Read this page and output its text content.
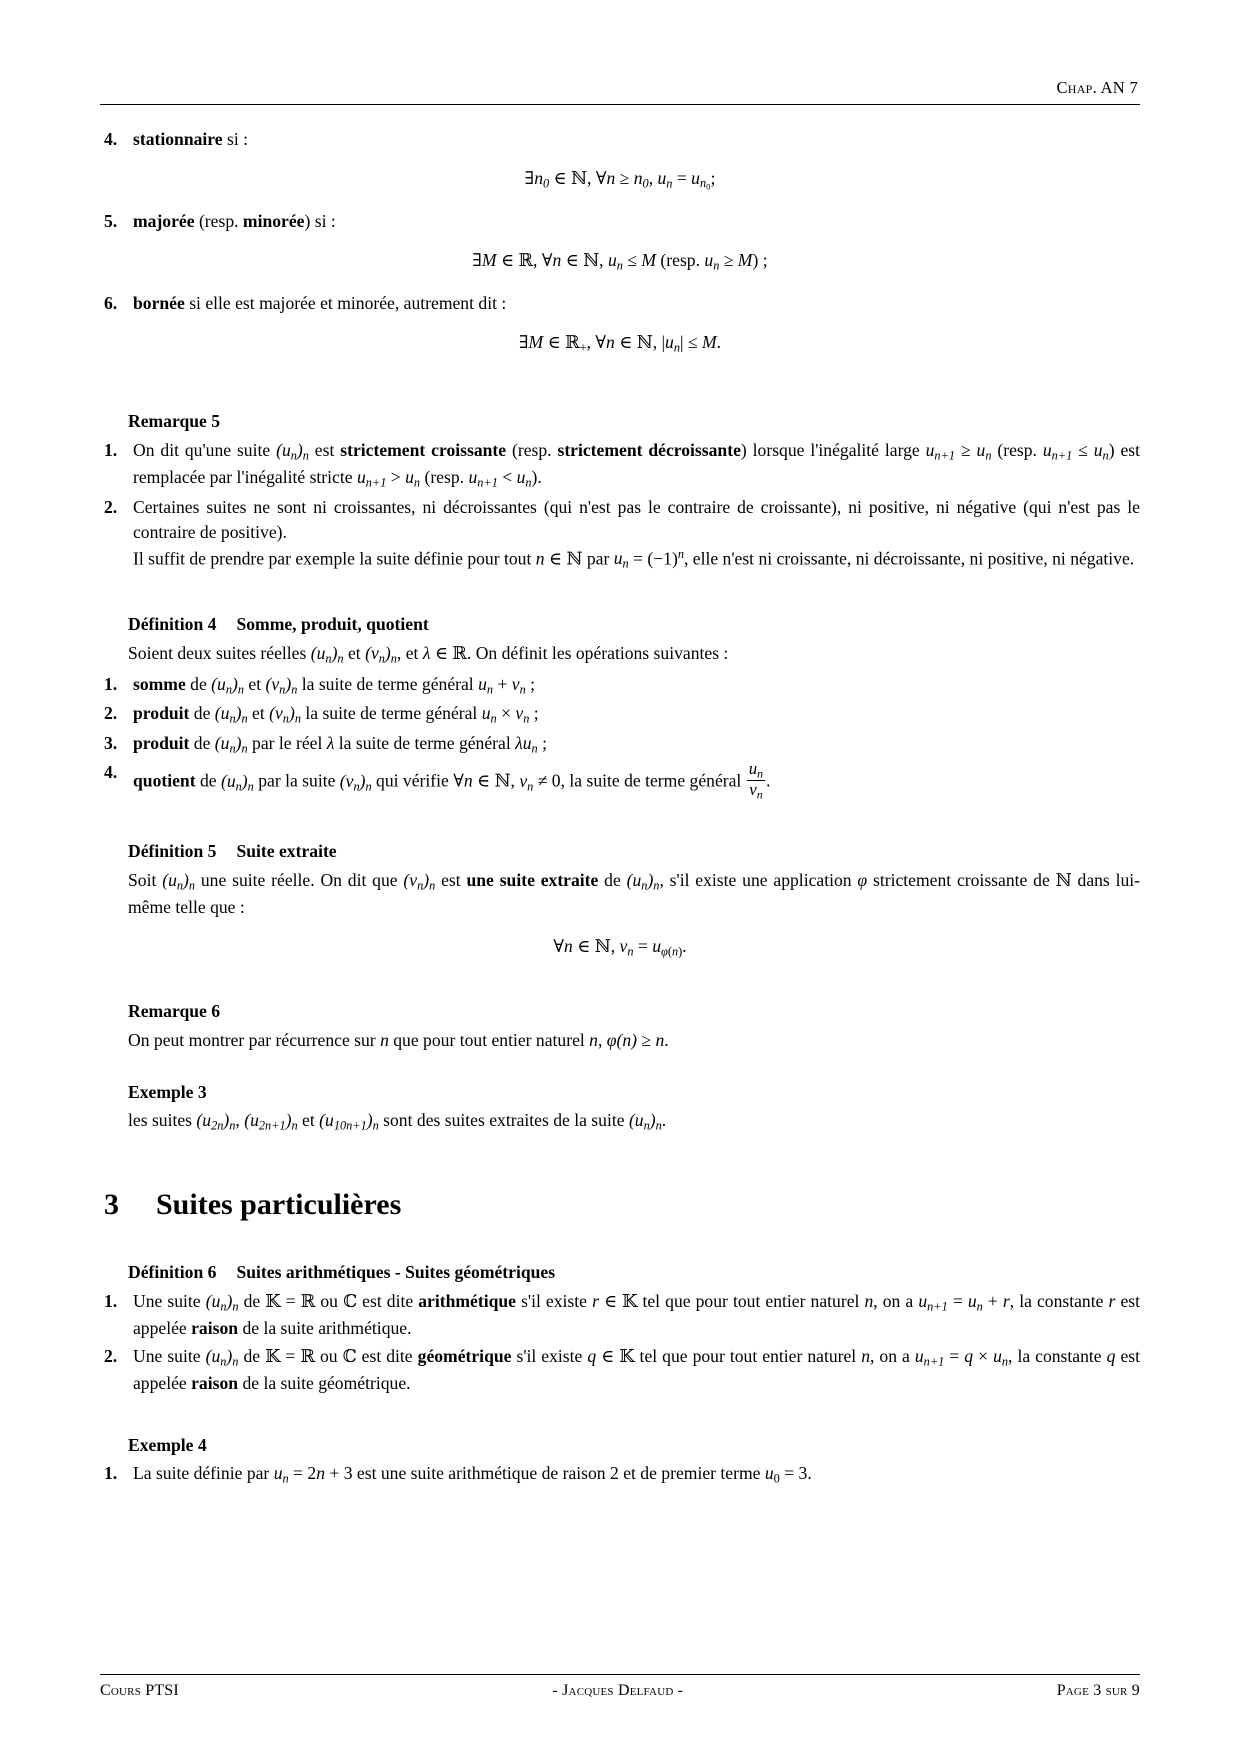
Chap. AN 7
4. stationnaire si :
$\exists n_0$ ∈ ℕ, ∀n ≥ $n_0$, $u_n = u_{n_0}$;
5. majorée (resp. minorée) si :
∃M ∈ ℝ, ∀n ∈ ℕ, $u_n \le M$ (resp. $u_n \ge M$) ;
6. bornée si elle est majorée et minorée, autrement dit :
∃M ∈ ℝ$_+$, ∀n ∈ ℕ, $|u_n| \le M$.
Remarque 5
1. On dit qu'une suite $(u_n)_n$ est strictement croissante (resp. strictement décroissante) lorsque l'inégalité large $u_{n+1} \ge u_n$ (resp. $u_{n+1} \le u_n$) est remplacée par l'inégalité stricte $u_{n+1} > u_n$ (resp. $u_{n+1} < u_n$).
2. Certaines suites ne sont ni croissantes, ni décroissantes (qui n'est pas le contraire de croissante), ni positive, ni négative (qui n'est pas le contraire de positive).
Il suffit de prendre par exemple la suite définie pour tout n ∈ ℕ par $u_n = (-1)^n$, elle n'est ni croissante, ni décroissante, ni positive, ni négative.
Définition 4 Somme, produit, quotient
Soient deux suites réelles $(u_n)_n$ et $(v_n)_n$, et λ ∈ ℝ. On définit les opérations suivantes :
1. somme de $(u_n)_n$ et $(v_n)_n$ la suite de terme général $u_n + v_n$ ;
2. produit de $(u_n)_n$ et $(v_n)_n$ la suite de terme général $u_n \times v_n$ ;
3. produit de $(u_n)_n$ par le réel λ la suite de terme général $\lambda u_n$ ;
4. quotient de $(u_n)_n$ par la suite $(v_n)_n$ qui vérifie ∀n ∈ ℕ, $v_n \ne 0$, la suite de terme général $\frac{u_n}{v_n}$ .
Définition 5 Suite extraite
Soit $(u_n)_n$ une suite réelle. On dit que $(v_n)_n$ est une suite extraite de $(u_n)_n$, s'il existe une application φ strictement croissante de ℕ dans lui-même telle que :
∀n ∈ ℕ, $v_n = u_{\varphi(n)}$.
Remarque 6
On peut montrer par récurrence sur n que pour tout entier naturel n, φ(n) ≥ n.
Exemple 3
les suites $(u_{2n})_n$, $(u_{2n+1})_n$ et $(u_{10n+1})_n$ sont des suites extraites de la suite $(u_n)_n$.
3 Suites particulières
Définition 6 Suites arithmétiques - Suites géométriques
1. Une suite $(u_n)_n$ de 𝕂 = ℝ ou ℂ est dite arithmétique s'il existe r ∈ 𝕂 tel que pour tout entier naturel n, on a $u_{n+1} = u_n + r$, la constante r est appelée raison de la suite arithmétique.
2. Une suite $(u_n)_n$ de 𝕂 = ℝ ou ℂ est dite géométrique s'il existe q ∈ 𝕂 tel que pour tout entier naturel n, on a $u_{n+1} = q \times u_n$, la constante q est appelée raison de la suite géométrique.
Exemple 4
1. La suite définie par $u_n = 2n + 3$ est une suite arithmétique de raison 2 et de premier terme $u_0 = 3$.
Cours PTSI	- Jacques Delfaud -	Page 3 sur 9
